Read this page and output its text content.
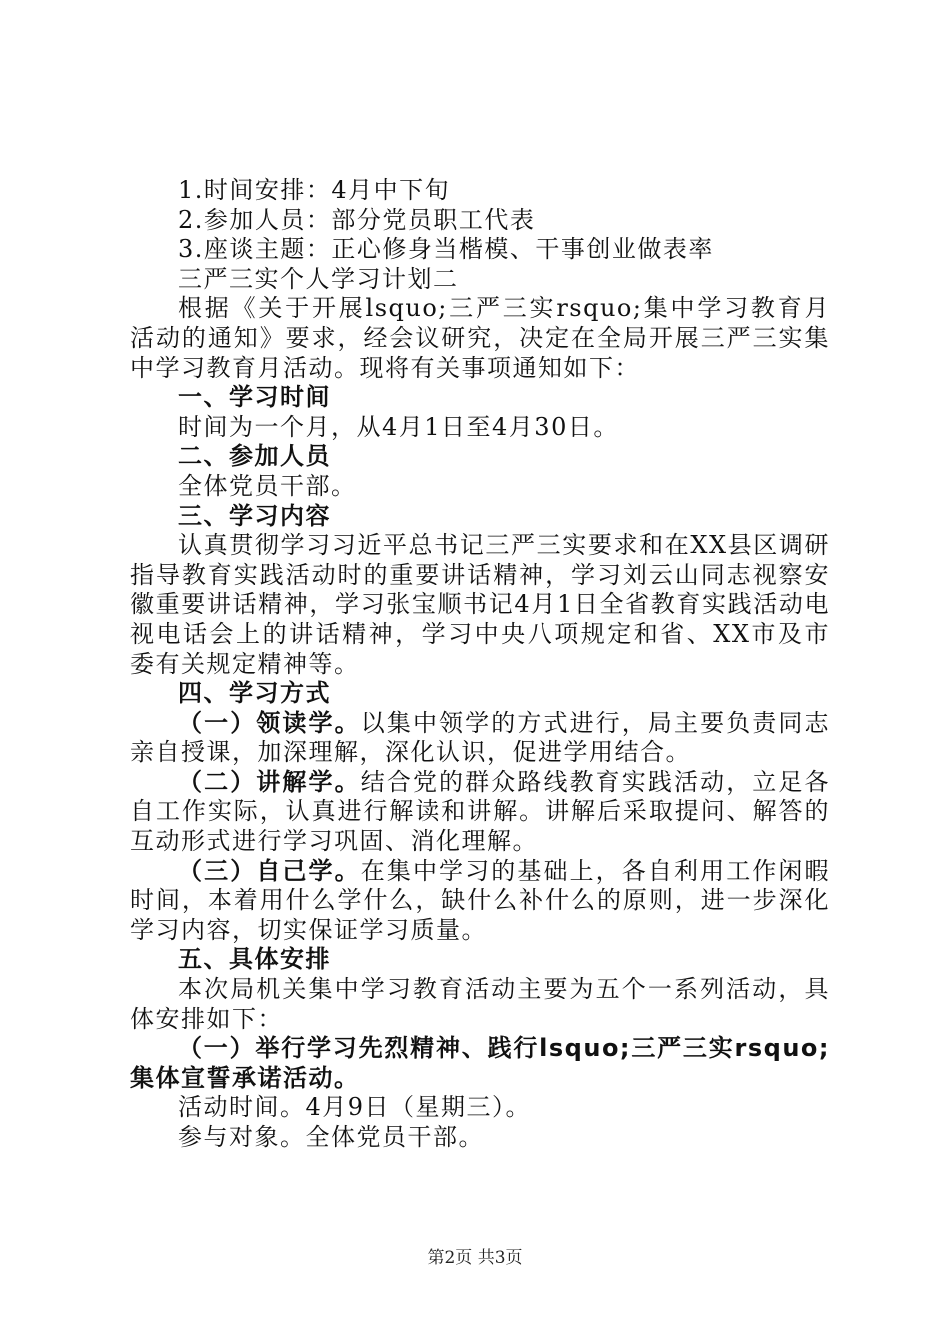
1.时间安排：4月中下旬

2.参加人员：部分党员职工代表

3.座谈主题：正心修身当楷模、干事创业做表率

三严三实个人学习计划二

根据《关于开展lsquo;三严三实rsquo;集中学习教育月活动的通知》要求，经会议研究，决定在全局开展三严三实集中学习教育月活动。现将有关事项通知如下：

一、学习时间

时间为一个月，从4月1日至4月30日。

二、参加人员

全体党员干部。

三、学习内容

认真贯彻学习习近平总书记三严三实要求和在XX县区调研指导教育实践活动时的重要讲话精神，学习刘云山同志视察安徽重要讲话精神，学习张宝顺书记4月1日全省教育实践活动电视电话会上的讲话精神，学习中央八项规定和省、XX市及市委有关规定精神等。

四、学习方式

（一）领读学。以集中领学的方式进行，局主要负责同志亲自授课，加深理解，深化认识，促进学用结合。

（二）讲解学。结合党的群众路线教育实践活动，立足各自工作实际，认真进行解读和讲解。讲解后采取提问、解答的互动形式进行学习巩固、消化理解。

（三）自己学。在集中学习的基础上，各自利用工作闲暇时间，本着用什么学什么，缺什么补什么的原则，进一步深化学习内容，切实保证学习质量。

五、具体安排

本次局机关集中学习教育活动主要为五个一系列活动，具体安排如下：

（一）举行学习先烈精神、践行lsquo;三严三实rsquo;集体宣誓承诺活动。

活动时间。4月9日（星期三）。

参与对象。全体党员干部。

第2页 共3页
